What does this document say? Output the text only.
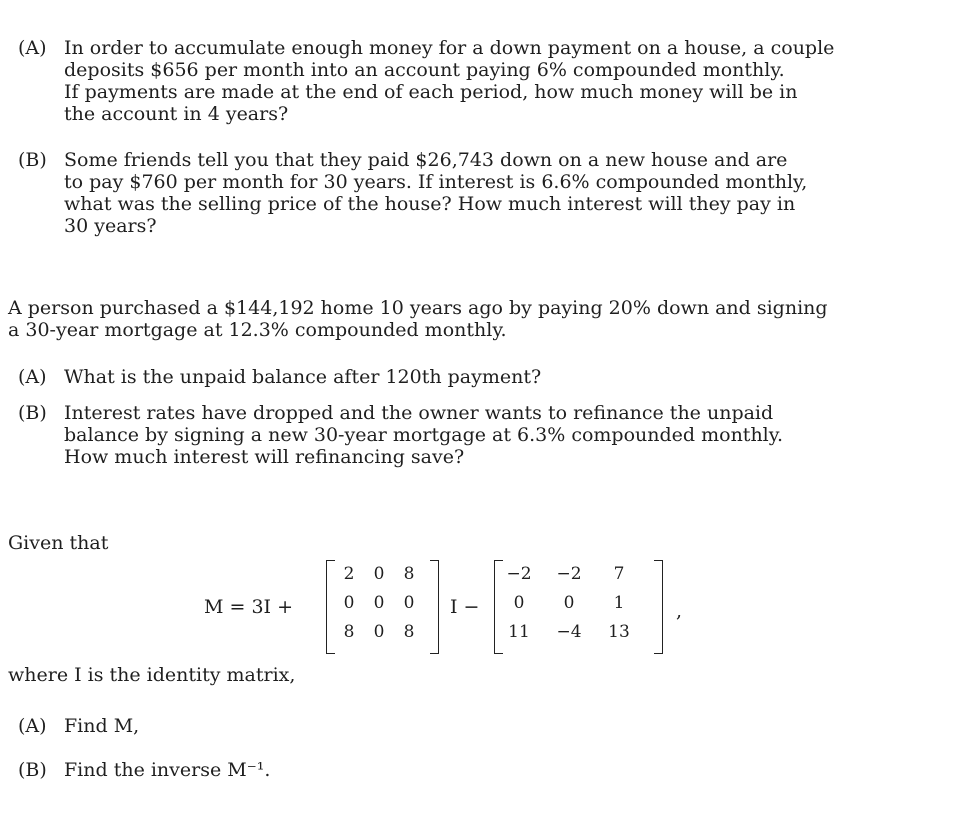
(A) In order to accumulate enough money for a down payment on a house, a couple
deposits $656 per month into an account paying 6% compounded monthly.
If payments are made at the end of each period, how much money will be in
the account in 4 years?
(B) Some friends tell you that they paid $26,743 down on a new house and are
to pay $760 per month for 30 years. If interest is 6.6% compounded monthly,
what was the selling price of the house? How much interest will they pay in
30 years?
A person purchased a $144,192 home 10 years ago by paying 20% down and signing
a 30-year mortgage at 12.3% compounded monthly.
(A) What is the unpaid balance after 120th payment?
(B) Interest rates have dropped and the owner wants to refinance the unpaid
balance by signing a new 30-year mortgage at 6.3% compounded monthly.
How much interest will refinancing save?
Given that
M = 3I +
2	0	8
0	0	0
8	0	8
I −
−2 −2	7
0	0	1
11 −4 13
,
where I is the identity matrix,
(A) Find M,
(B) Find the inverse M⁻¹.
